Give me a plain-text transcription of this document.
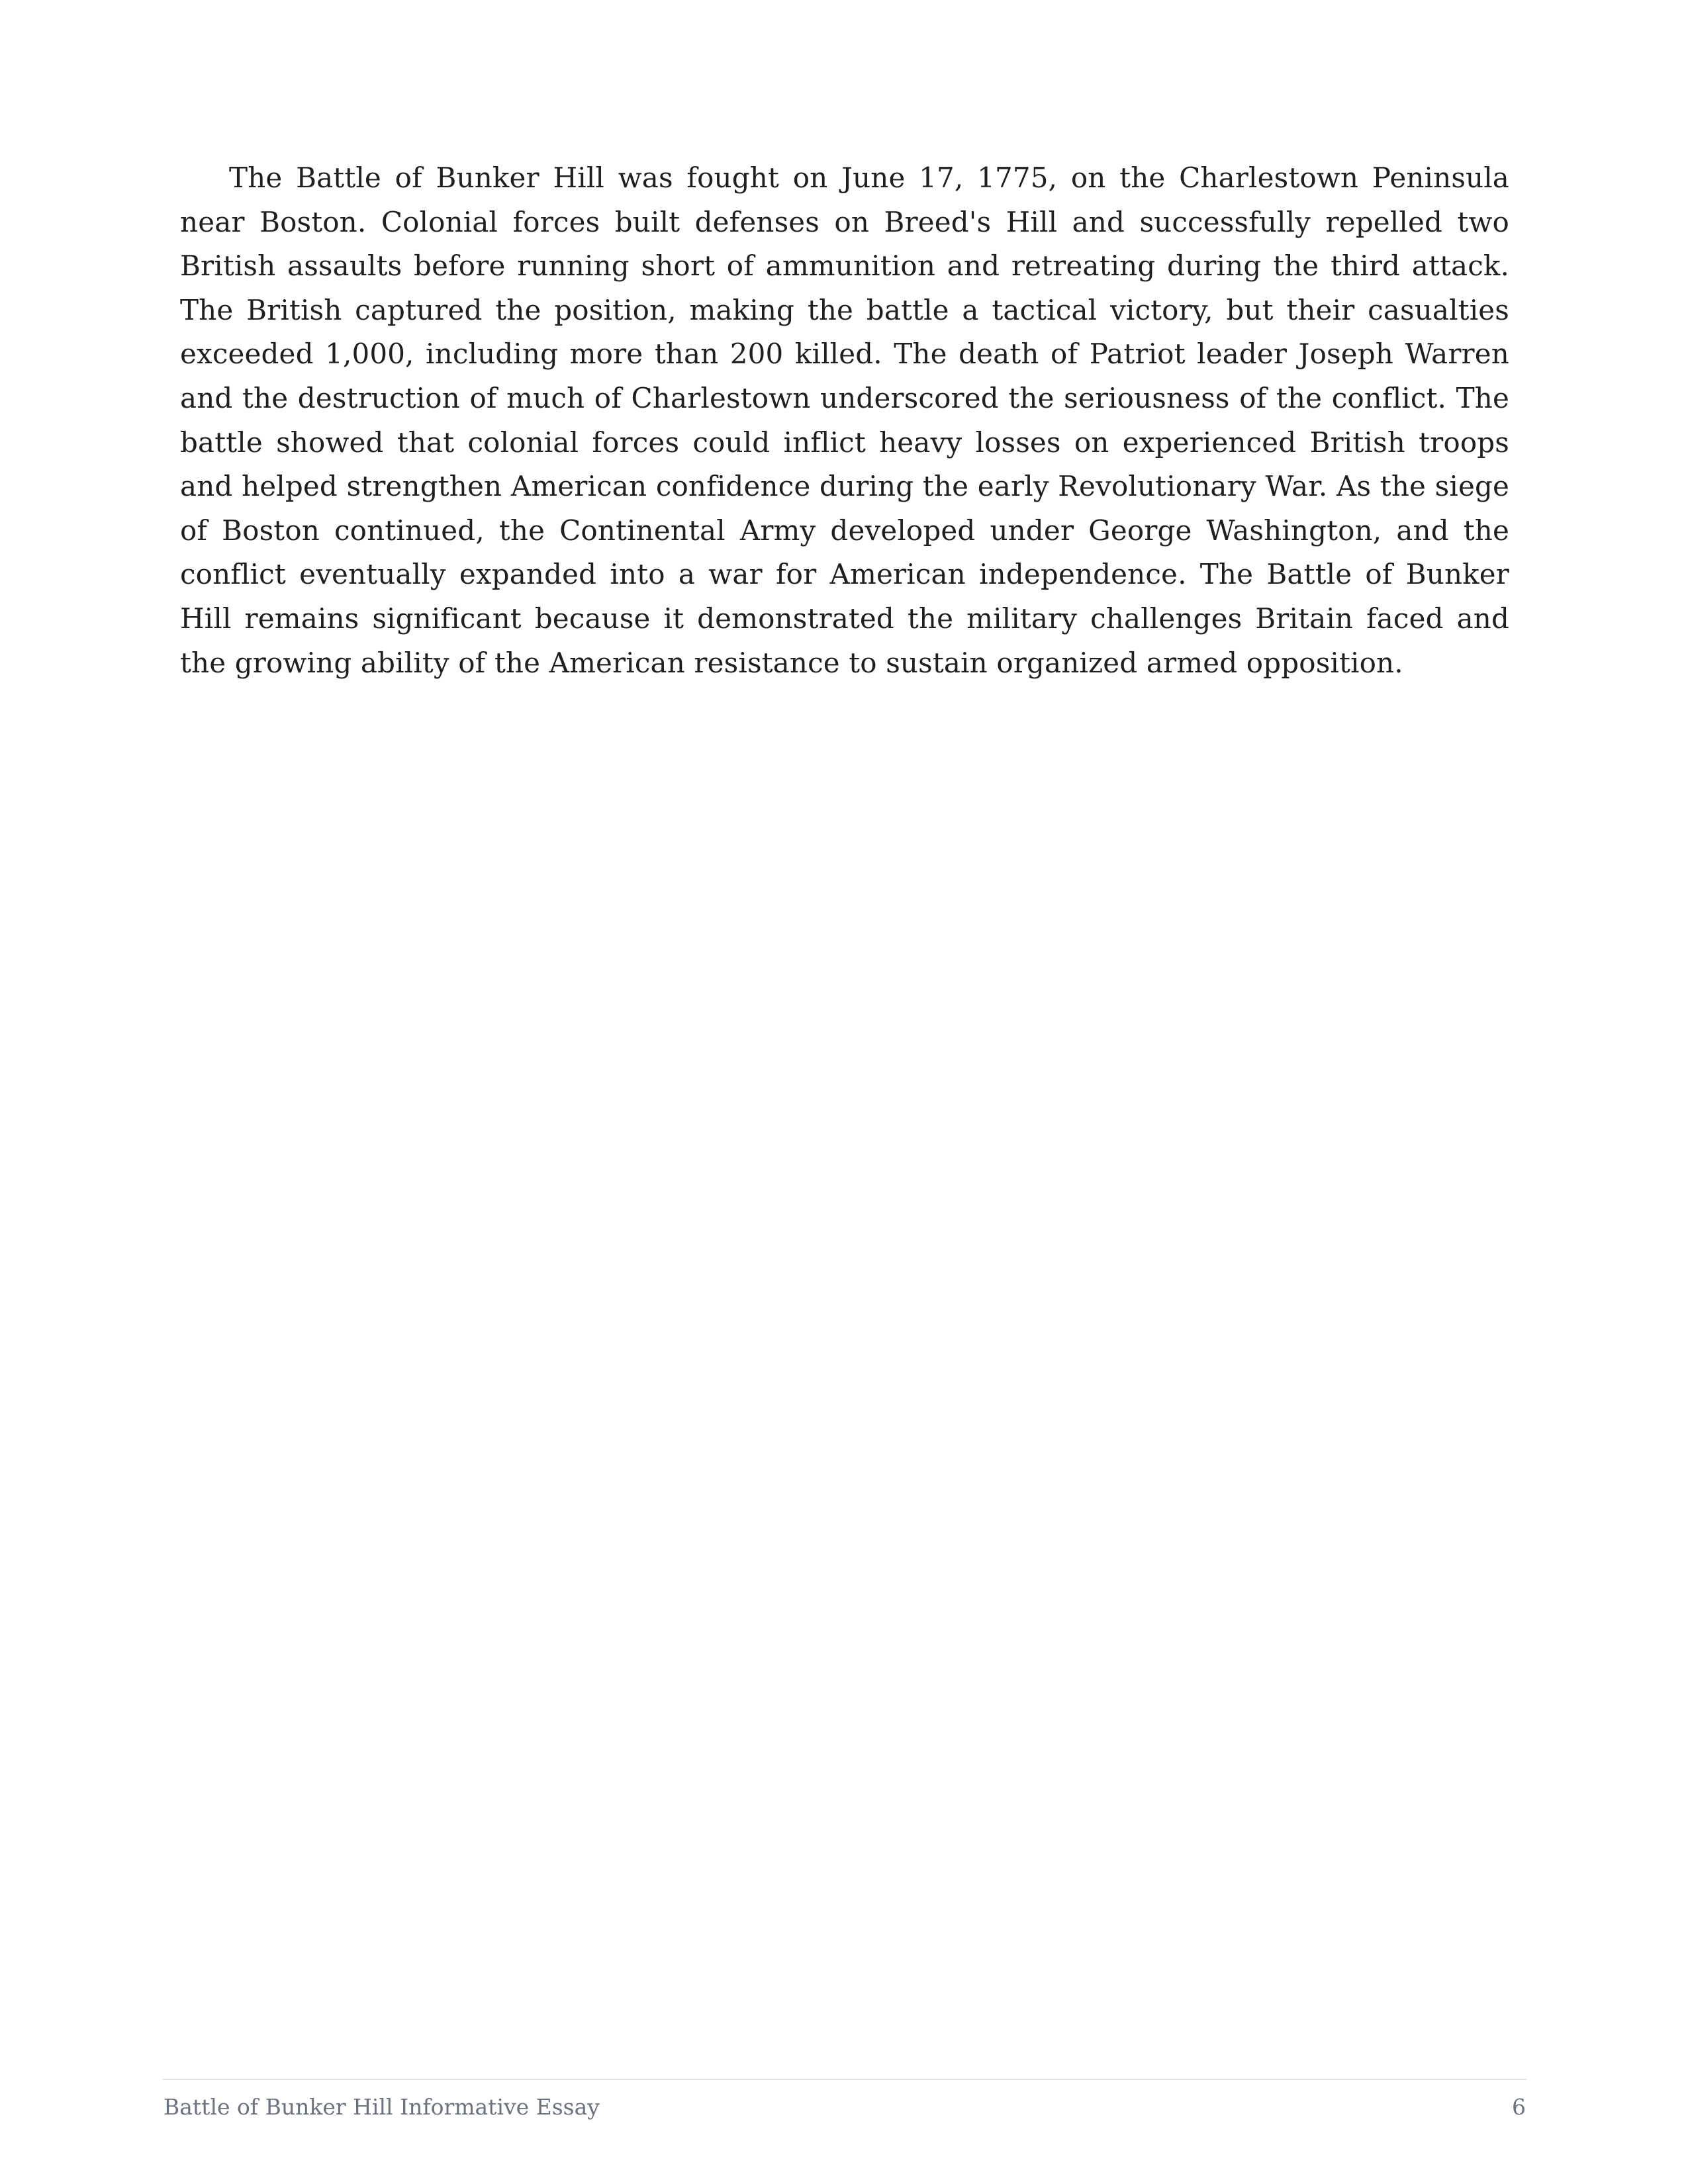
The Battle of Bunker Hill was fought on June 17, 1775, on the Charlestown Peninsula near Boston. Colonial forces built defenses on Breed's Hill and successfully repelled two British assaults before running short of ammunition and retreating during the third attack. The British captured the position, making the battle a tactical victory, but their casualties exceeded 1,000, including more than 200 killed. The death of Patriot leader Joseph Warren and the destruction of much of Charlestown underscored the seriousness of the conflict. The battle showed that colonial forces could inflict heavy losses on experienced British troops and helped strengthen American confidence during the early Revolutionary War. As the siege of Boston continued, the Continental Army developed under George Washington, and the conflict eventually expanded into a war for American independence. The Battle of Bunker Hill remains significant because it demonstrated the military challenges Britain faced and the growing ability of the American resistance to sustain organized armed opposition.

Battle of Bunker Hill Informative Essay	6
